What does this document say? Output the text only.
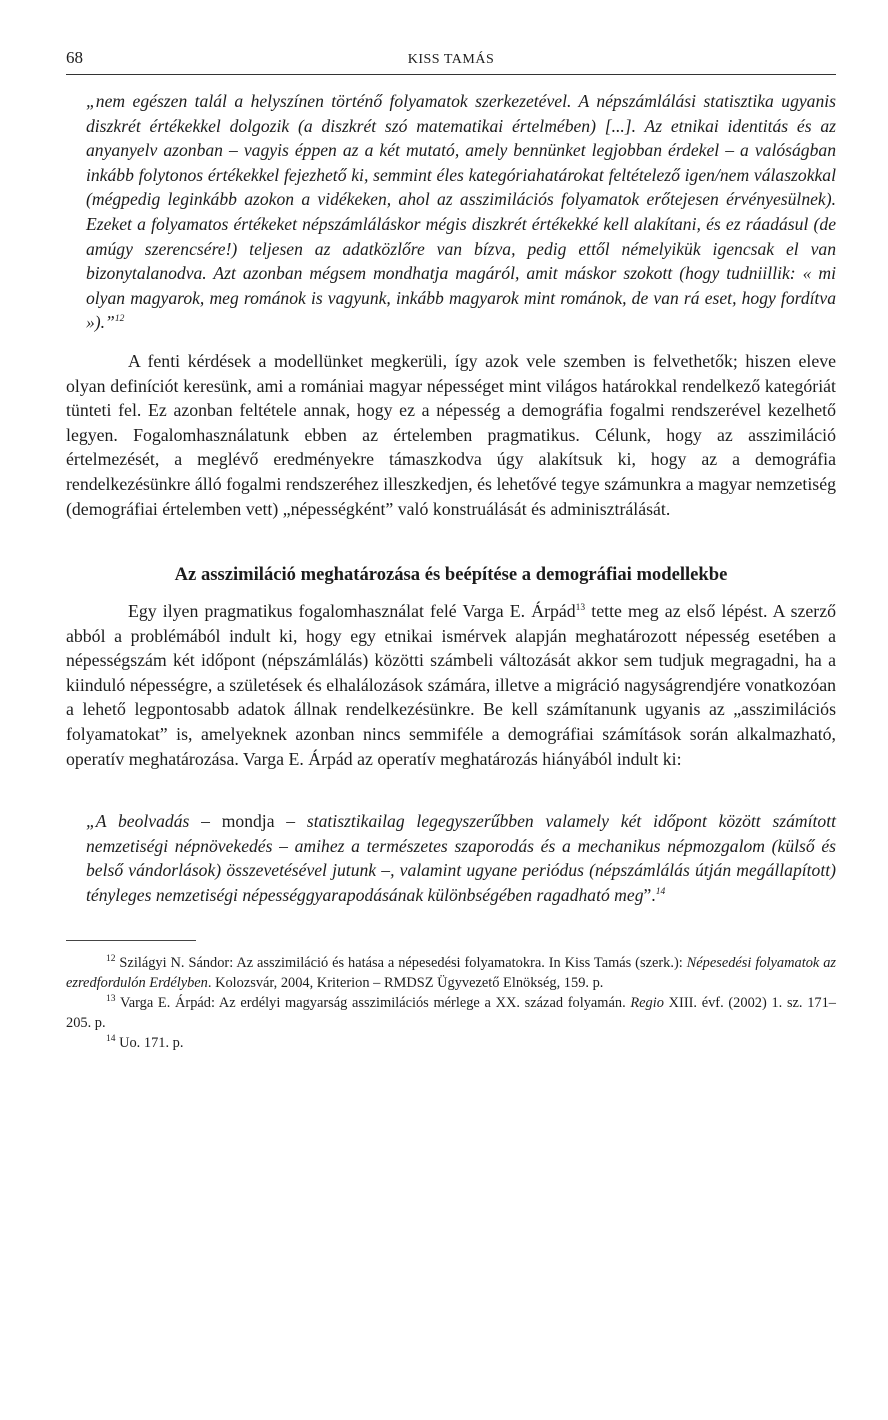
68	KISS TAMÁS

„nem egészen talál a helyszínen történő folyamatok szerkezetével. A népszámlálási statisztika ugyanis diszkrét értékekkel dolgozik (a diszkrét szó matematikai értelmében) [...]. Az etnikai identitás és az anyanyelv azonban – vagyis éppen az a két mutató, amely bennünket legjobban érdekel – a valóságban inkább folytonos értékekkel fejezhető ki, semmint éles kategóriahatárokat feltételező igen/nem válaszokkal (mégpedig leginkább azokon a vidékeken, ahol az asszimilációs folyamatok erőtejesen érvényesülnek). Ezeket a folyamatos értékeket népszámláláskor mégis diszkrét értékekké kell alakítani, és ez ráadásul (de amúgy szerencsére!) teljesen az adatközlőre van bízva, pedig ettől némelyikük igencsak el van bizonytalanodva. Azt azonban mégsem mondhatja magáról, amit máskor szokott (hogy tudniillik: « mi olyan magyarok, meg románok is vagyunk, inkább magyarok mint románok, de van rá eset, hogy fordítva »).”$^{12}$

A fenti kérdések a modellünket megkerüli, így azok vele szemben is felvethetők; hiszen eleve olyan definíciót keresünk, ami a romániai magyar népességet mint világos határokkal rendelkező kategóriát tünteti fel. Ez azonban feltétele annak, hogy ez a népesség a demográfia fogalmi rendszerével kezelhető legyen. Fogalomhasználatunk ebben az értelemben pragmatikus. Célunk, hogy az asszimiláció értelmezését, a meglévő eredményekre támaszkodva úgy alakítsuk ki, hogy az a demográfia rendelkezésünkre álló fogalmi rendszeréhez illeszkedjen, és lehetővé tegye számunkra a magyar nemzetiség (demográfiai értelemben vett) „népességként” való konstruálását és adminisztrálását.

Az asszimiláció meghatározása és beépítése a demográfiai modellekbe

Egy ilyen pragmatikus fogalomhasználat felé Varga E. Árpád$^{13}$ tette meg az első lépést. A szerző abból a problémából indult ki, hogy egy etnikai ismérvek alapján meghatározott népesség esetében a népességszám két időpont (népszámlálás) közötti számbeli változását akkor sem tudjuk megragadni, ha a kiinduló népességre, a születések és elhalálozások számára, illetve a migráció nagyságrendjére vonatkozóan a lehető legpontosabb adatok állnak rendelkezésünkre. Be kell számítanunk ugyanis az „asszimilációs folyamatokat” is, amelyeknek azonban nincs semmiféle a demográfiai számítások során alkalmazható, operatív meghatározása. Varga E. Árpád az operatív meghatározás hiányából indult ki:

„A beolvadás – mondja – statisztikailag legegyszerűbben valamely két időpont között számított nemzetiségi népnövekedés – amihez a természetes szaporodás és a mechanikus népmozgalom (külső és belső vándorlások) összevetésével jutunk –, valamint ugyane periódus (népszámlálás útján megállapított) tényleges nemzetiségi népességgyarapodásának különbségében ragadható meg”.$^{14}$

$^{12}$ Szilágyi N. Sándor: Az asszimiláció és hatása a népesedési folyamatokra. In Kiss Tamás (szerk.): Népesedési folyamatok az ezredfordulón Erdélyben. Kolozsvár, 2004, Kriterion – RMDSZ Ügyvezető Elnökség, 159. p.

$^{13}$ Varga E. Árpád: Az erdélyi magyarság asszimilációs mérlege a XX. század folyamán. Regio XIII. évf. (2002) 1. sz. 171–205. p.

$^{14}$ Uo. 171. p.
